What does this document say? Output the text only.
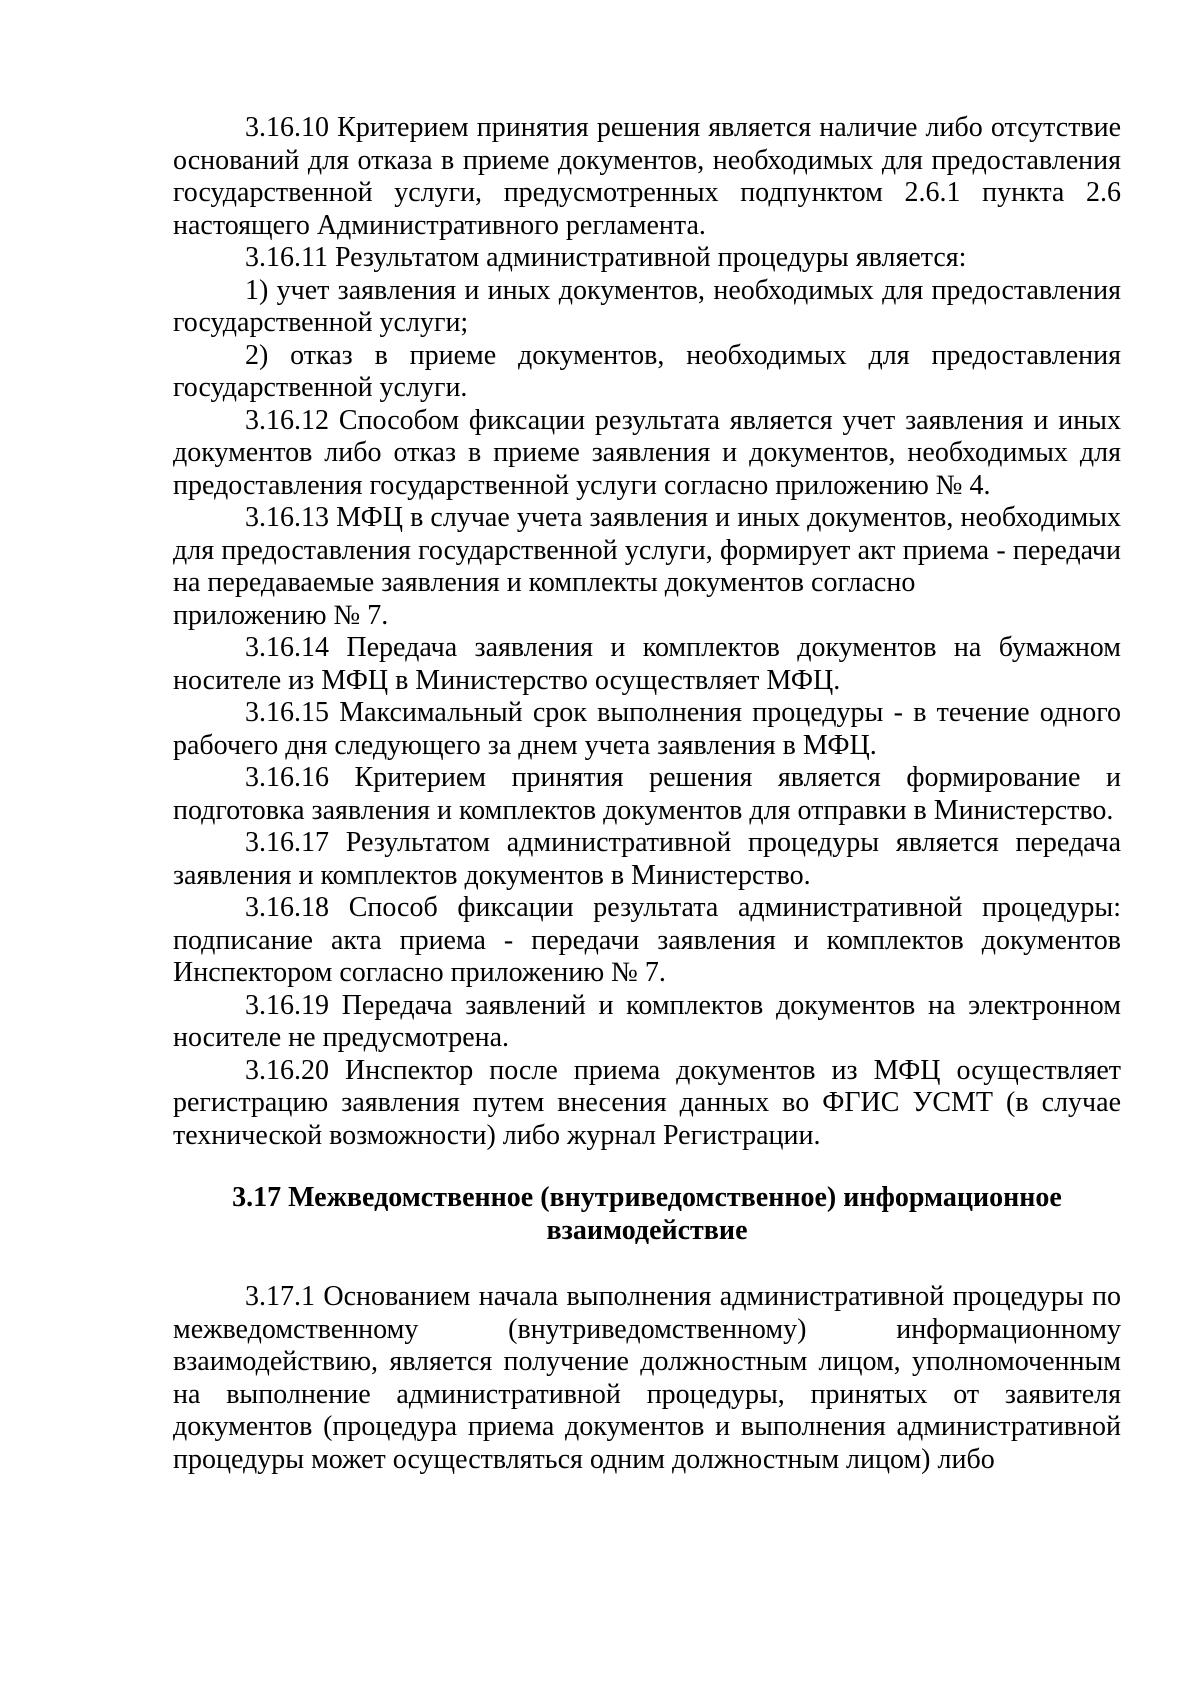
3.16.10 Критерием принятия решения является наличие либо отсутствие оснований для отказа в приеме документов, необходимых для предоставления государственной услуги, предусмотренных подпунктом 2.6.1 пункта 2.6 настоящего Административного регламента.

3.16.11 Результатом административной процедуры является:

1) учет заявления и иных документов, необходимых для предоставления государственной услуги;

2) отказ в приеме документов, необходимых для предоставления государственной услуги.

3.16.12 Способом фиксации результата является учет заявления и иных документов либо отказ в приеме заявления и документов, необходимых для предоставления государственной услуги согласно приложению № 4.

3.16.13 МФЦ в случае учета заявления и иных документов, необходимых для предоставления государственной услуги, формирует акт приема - передачи на передаваемые заявления и комплекты документов согласно

приложению № 7.

3.16.14 Передача заявления и комплектов документов на бумажном носителе из МФЦ в Министерство осуществляет МФЦ.

3.16.15 Максимальный срок выполнения процедуры - в течение одного рабочего дня следующего за днем учета заявления в МФЦ.

3.16.16 Критерием принятия решения является формирование и подготовка заявления и комплектов документов для отправки в Министерство.

3.16.17 Результатом административной процедуры является передача заявления и комплектов документов в Министерство.

3.16.18 Способ фиксации результата административной процедуры: подписание акта приема - передачи заявления и комплектов документов Инспектором согласно приложению № 7.

3.16.19 Передача заявлений и комплектов документов на электронном носителе не предусмотрена.

3.16.20 Инспектор после приема документов из МФЦ осуществляет регистрацию заявления путем внесения данных во ФГИС УСМТ (в случае технической возможности) либо журнал Регистрации.

3.17 Межведомственное (внутриведомственное) информационное
взаимодействие

3.17.1 Основанием начала выполнения административной процедуры по межведомственному (внутриведомственному) информационному взаимодействию, является получение должностным лицом, уполномоченным на выполнение административной процедуры, принятых от заявителя документов (процедура приема документов и выполнения административной процедуры может осуществляться одним должностным лицом) либо
